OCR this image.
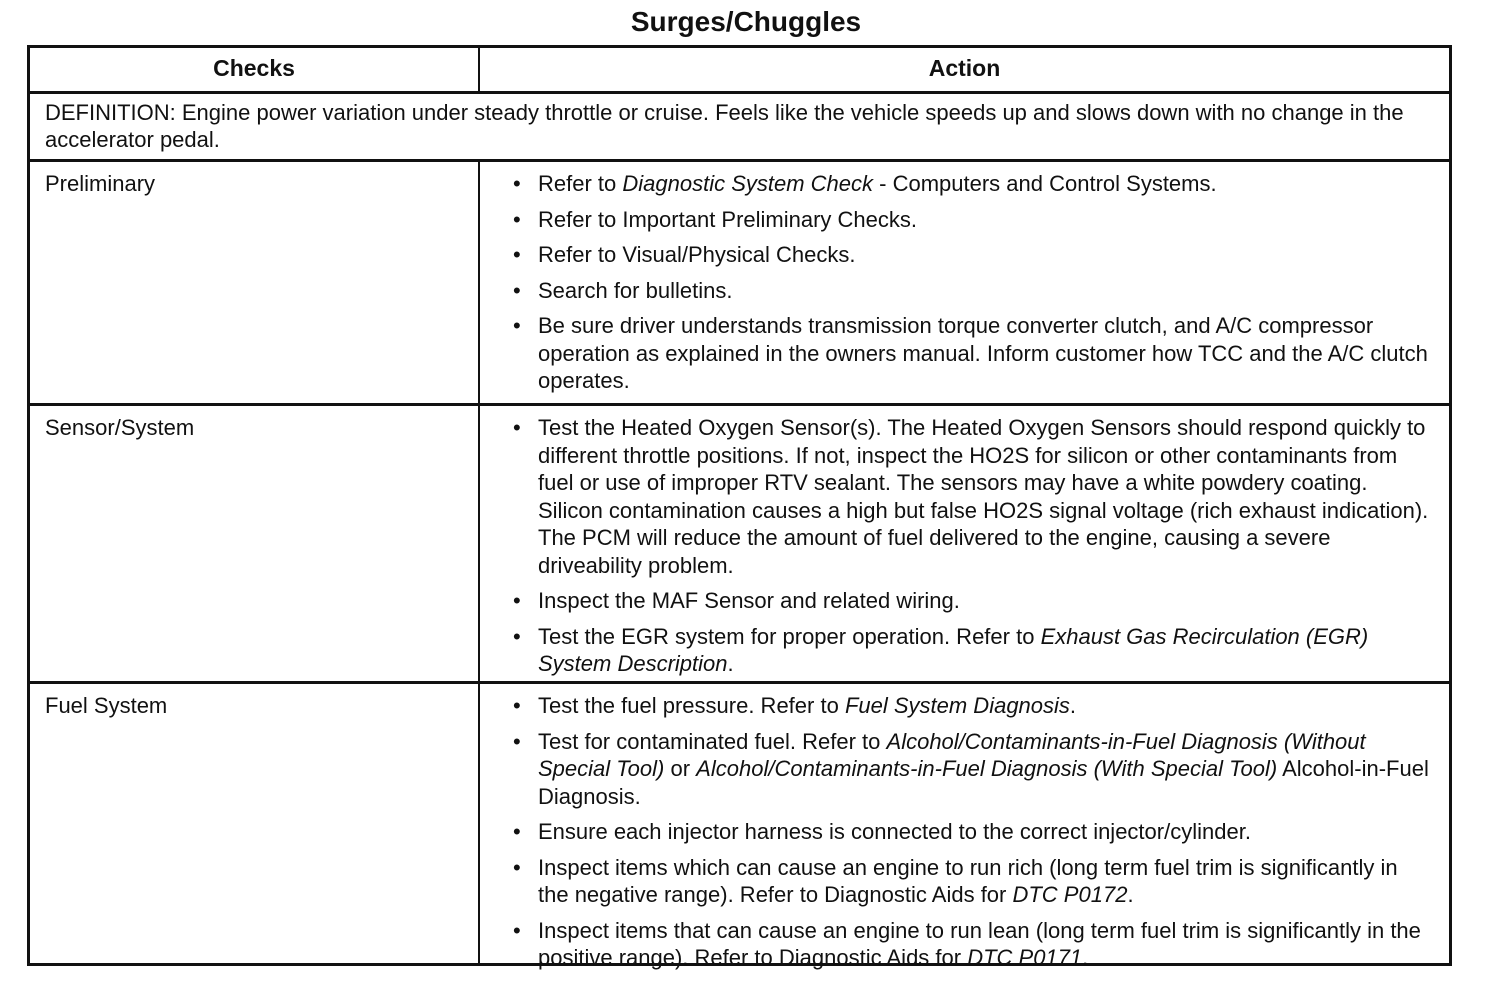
Surges/Chuggles
Checks	Action
DEFINITION: Engine power variation under steady throttle or cruise. Feels like the vehicle speeds up and slows down with no change in the accelerator pedal.
Preliminary	• Refer to Diagnostic System Check - Computers and Control Systems.
• Refer to Important Preliminary Checks.
• Refer to Visual/Physical Checks.
• Search for bulletins.
• Be sure driver understands transmission torque converter clutch, and A/C compressor operation as explained in the owners manual. Inform customer how TCC and the A/C clutch operates.
Sensor/System	• Test the Heated Oxygen Sensor(s). The Heated Oxygen Sensors should respond quickly to different throttle positions. If not, inspect the HO2S for silicon or other contaminants from fuel or use of improper RTV sealant. The sensors may have a white powdery coating. Silicon contamination causes a high but false HO2S signal voltage (rich exhaust indication). The PCM will reduce the amount of fuel delivered to the engine, causing a severe driveability problem.
• Inspect the MAF Sensor and related wiring.
• Test the EGR system for proper operation. Refer to Exhaust Gas Recirculation (EGR) System Description.
Fuel System	• Test the fuel pressure. Refer to Fuel System Diagnosis.
• Test for contaminated fuel. Refer to Alcohol/Contaminants-in-Fuel Diagnosis (Without Special Tool) or Alcohol/Contaminants-in-Fuel Diagnosis (With Special Tool) Alcohol-in-Fuel Diagnosis.
• Ensure each injector harness is connected to the correct injector/cylinder.
• Inspect items which can cause an engine to run rich (long term fuel trim is significantly in the negative range). Refer to Diagnostic Aids for DTC P0172.
• Inspect items that can cause an engine to run lean (long term fuel trim is significantly in the positive range). Refer to Diagnostic Aids for DTC P0171.
